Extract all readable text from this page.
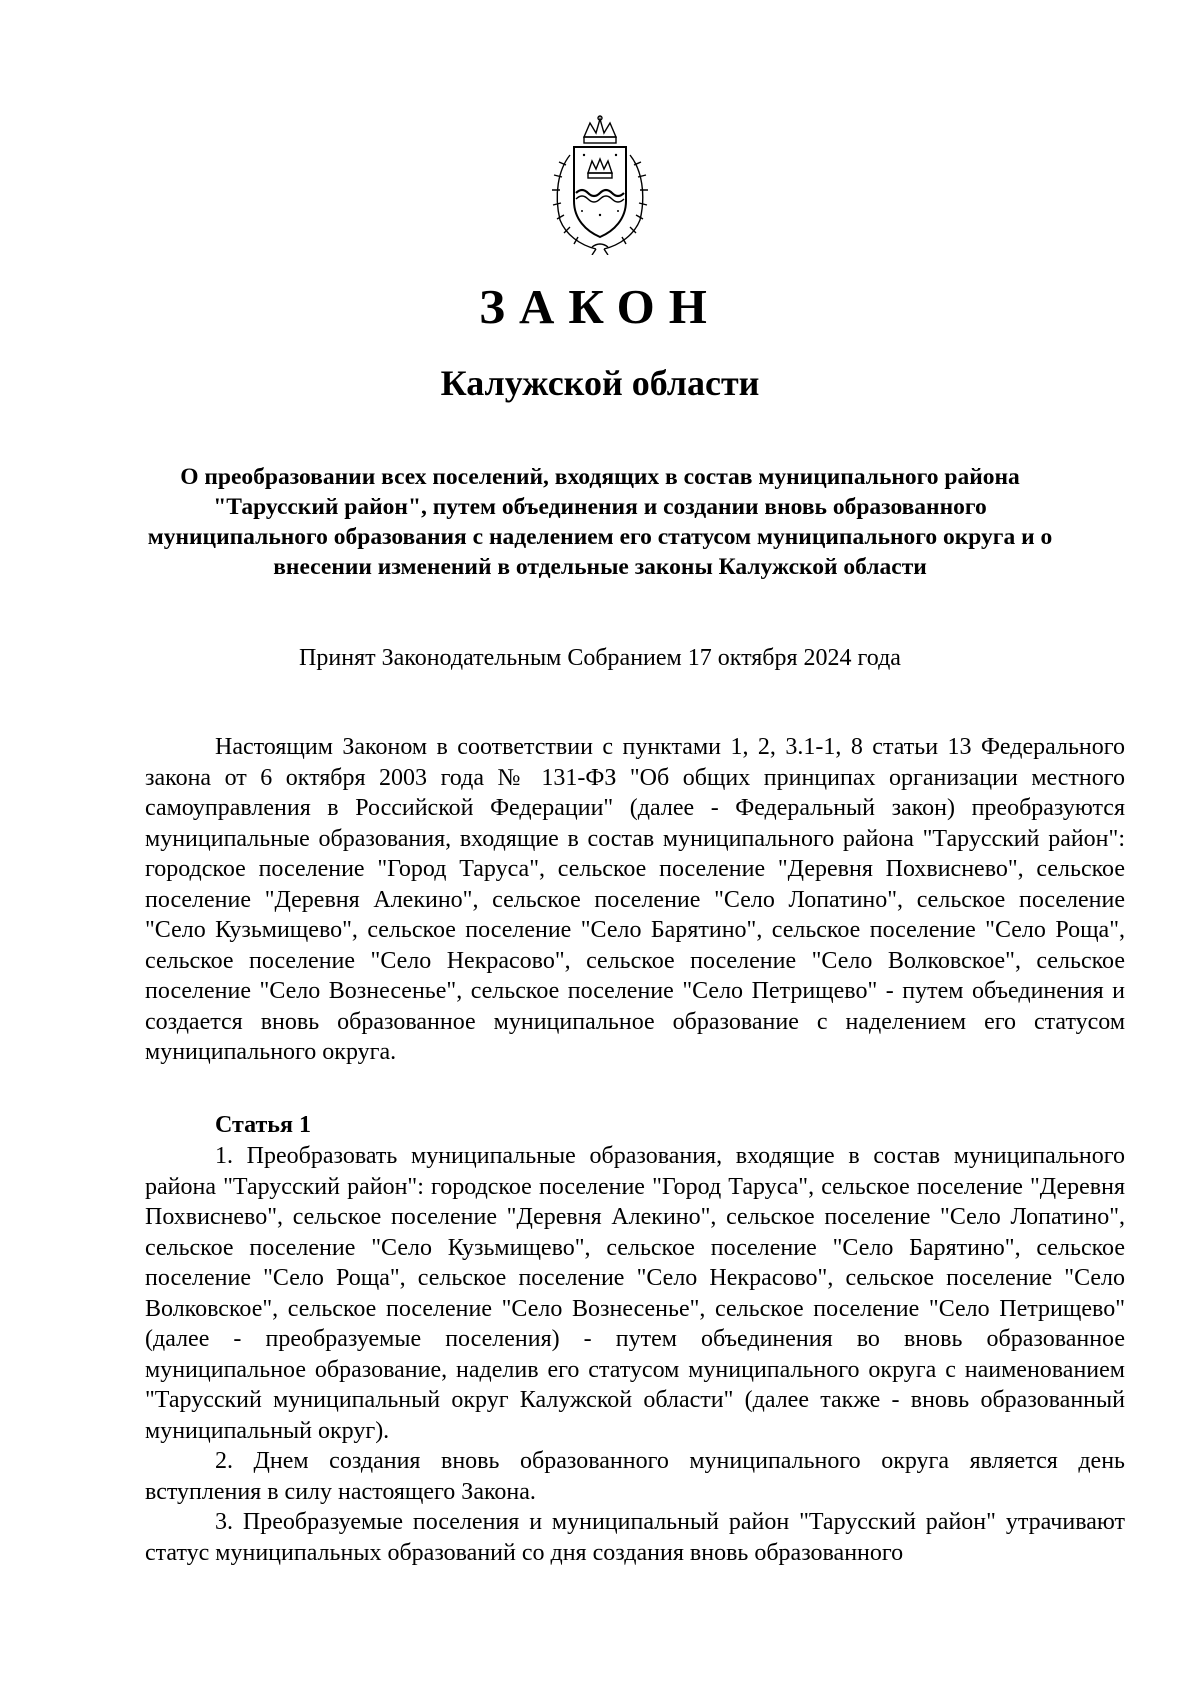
ЗАКОН
Калужской области

О преобразовании всех поселений, входящих в состав муниципального района "Тарусский район", путем объединения и создании вновь образованного муниципального образования с наделением его статусом муниципального округа и о внесении изменений в отдельные законы Калужской области

Принят Законодательным Собранием 17 октября 2024 года

Настоящим Законом в соответствии с пунктами 1, 2, 3.1-1, 8 статьи 13 Федерального закона от 6 октября 2003 года № 131-ФЗ "Об общих принципах организации местного самоуправления в Российской Федерации" (далее - Федеральный закон) преобразуются муниципальные образования, входящие в состав муниципального района "Тарусский район": городское поселение "Город Таруса", сельское поселение "Деревня Похвиснево", сельское поселение "Деревня Алекино", сельское поселение "Село Лопатино", сельское поселение "Село Кузьмищево", сельское поселение "Село Барятино", сельское поселение "Село Роща", сельское поселение "Село Некрасово", сельское поселение "Село Волковское", сельское поселение "Село Вознесенье", сельское поселение "Село Петрищево" - путем объединения и создается вновь образованное муниципальное образование с наделением его статусом муниципального округа.

Статья 1

1. Преобразовать муниципальные образования, входящие в состав муниципального района "Тарусский район": городское поселение "Город Таруса", сельское поселение "Деревня Похвиснево", сельское поселение "Деревня Алекино", сельское поселение "Село Лопатино", сельское поселение "Село Кузьмищево", сельское поселение "Село Барятино", сельское поселение "Село Роща", сельское поселение "Село Некрасово", сельское поселение "Село Волковское", сельское поселение "Село Вознесенье", сельское поселение "Село Петрищево" (далее - преобразуемые поселения) - путем объединения во вновь образованное муниципальное образование, наделив его статусом муниципального округа с наименованием "Тарусский муниципальный округ Калужской области" (далее также - вновь образованный муниципальный округ).

2. Днем создания вновь образованного муниципального округа является день вступления в силу настоящего Закона.

3. Преобразуемые поселения и муниципальный район "Тарусский район" утрачивают статус муниципальных образований со дня создания вновь образованного
